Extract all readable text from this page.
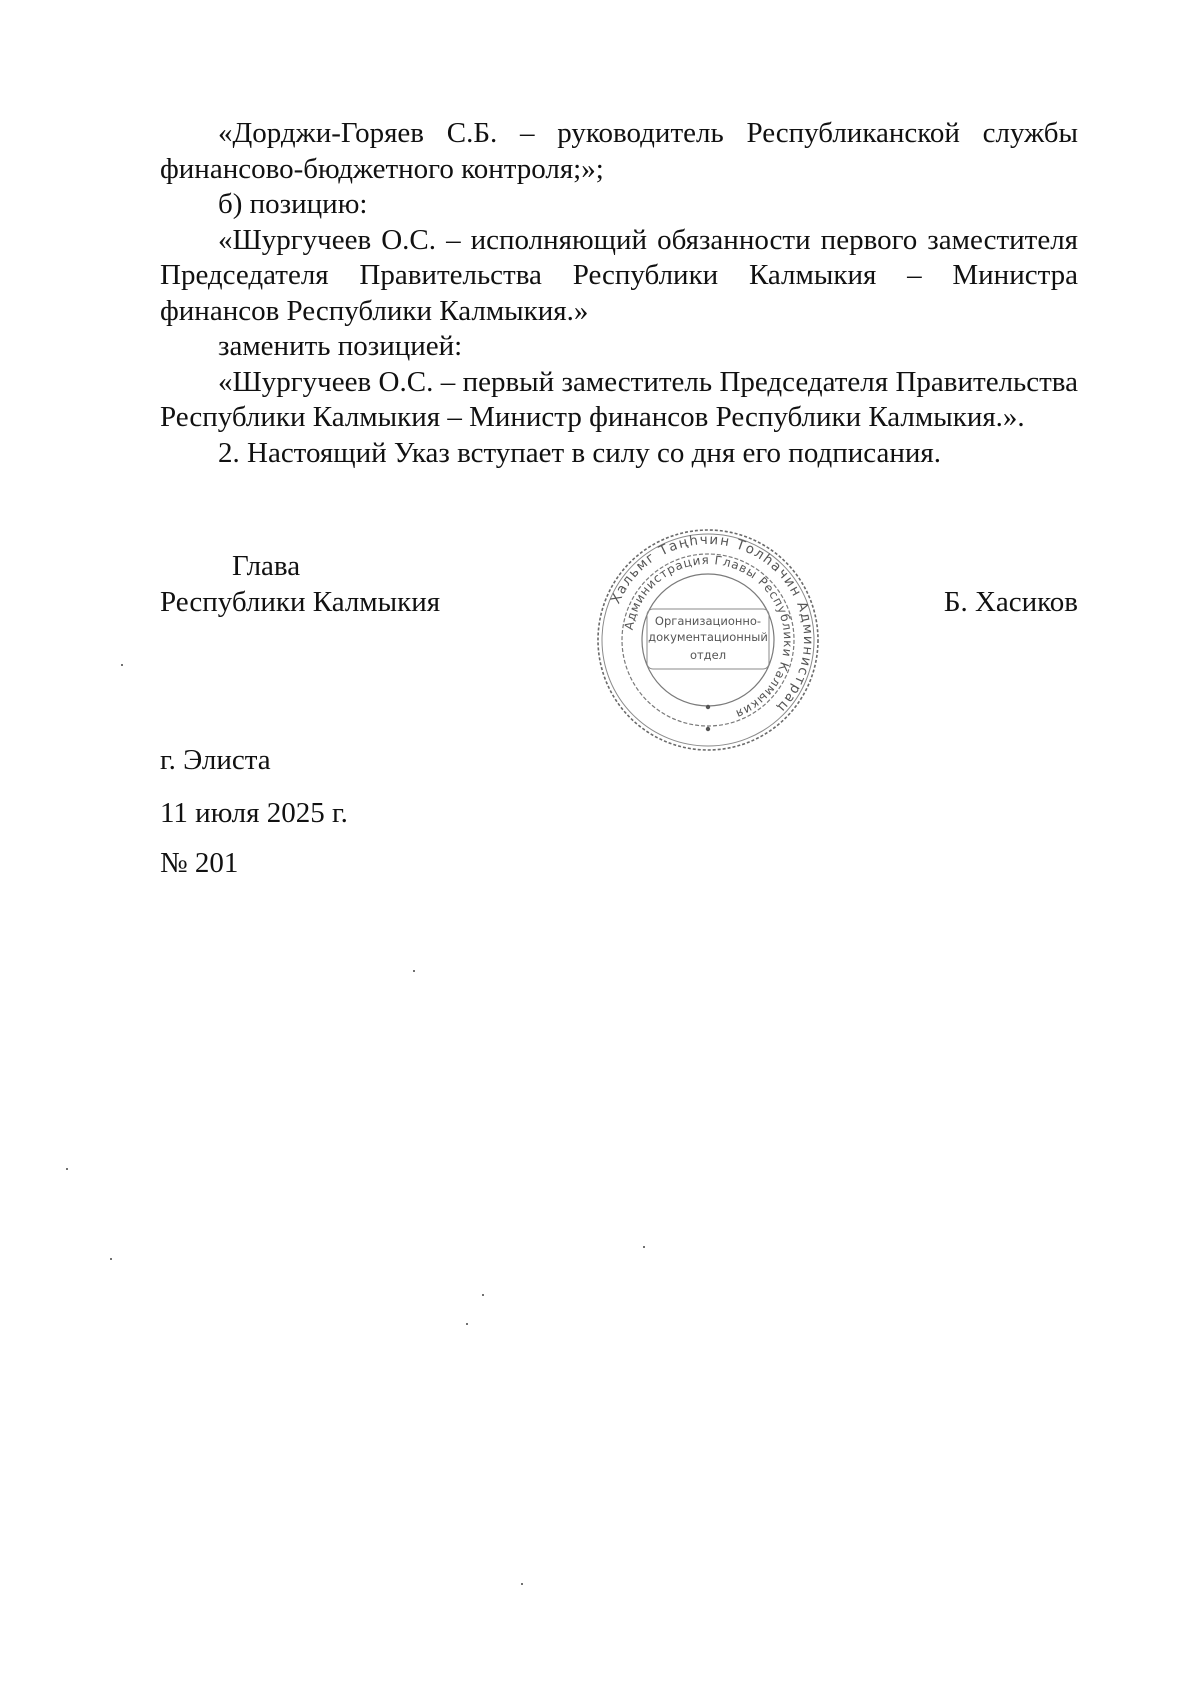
«Дорджи-Горяев С.Б. – руководитель Республиканской службы финансово-бюджетного контроля;»;

б) позицию:

«Шургучеев О.С. – исполняющий обязанности первого заместителя Председателя Правительства Республики Калмыкия – Министра финансов Республики Калмыкия.»

заменить позицией:

«Шургучеев О.С. – первый заместитель Председателя Правительства Республики Калмыкия – Министр финансов Республики Калмыкия.».

2. Настоящий Указ вступает в силу со дня его подписания.

Глава

Республики Калмыкия	Б. Хасиков

Хальмг Таңһчин Толһачин Администрац
Администрация Главы Республики Калмыкия
Организационно-
документационный
отдел

г. Элиста

11 июля 2025 г.

№ 201
